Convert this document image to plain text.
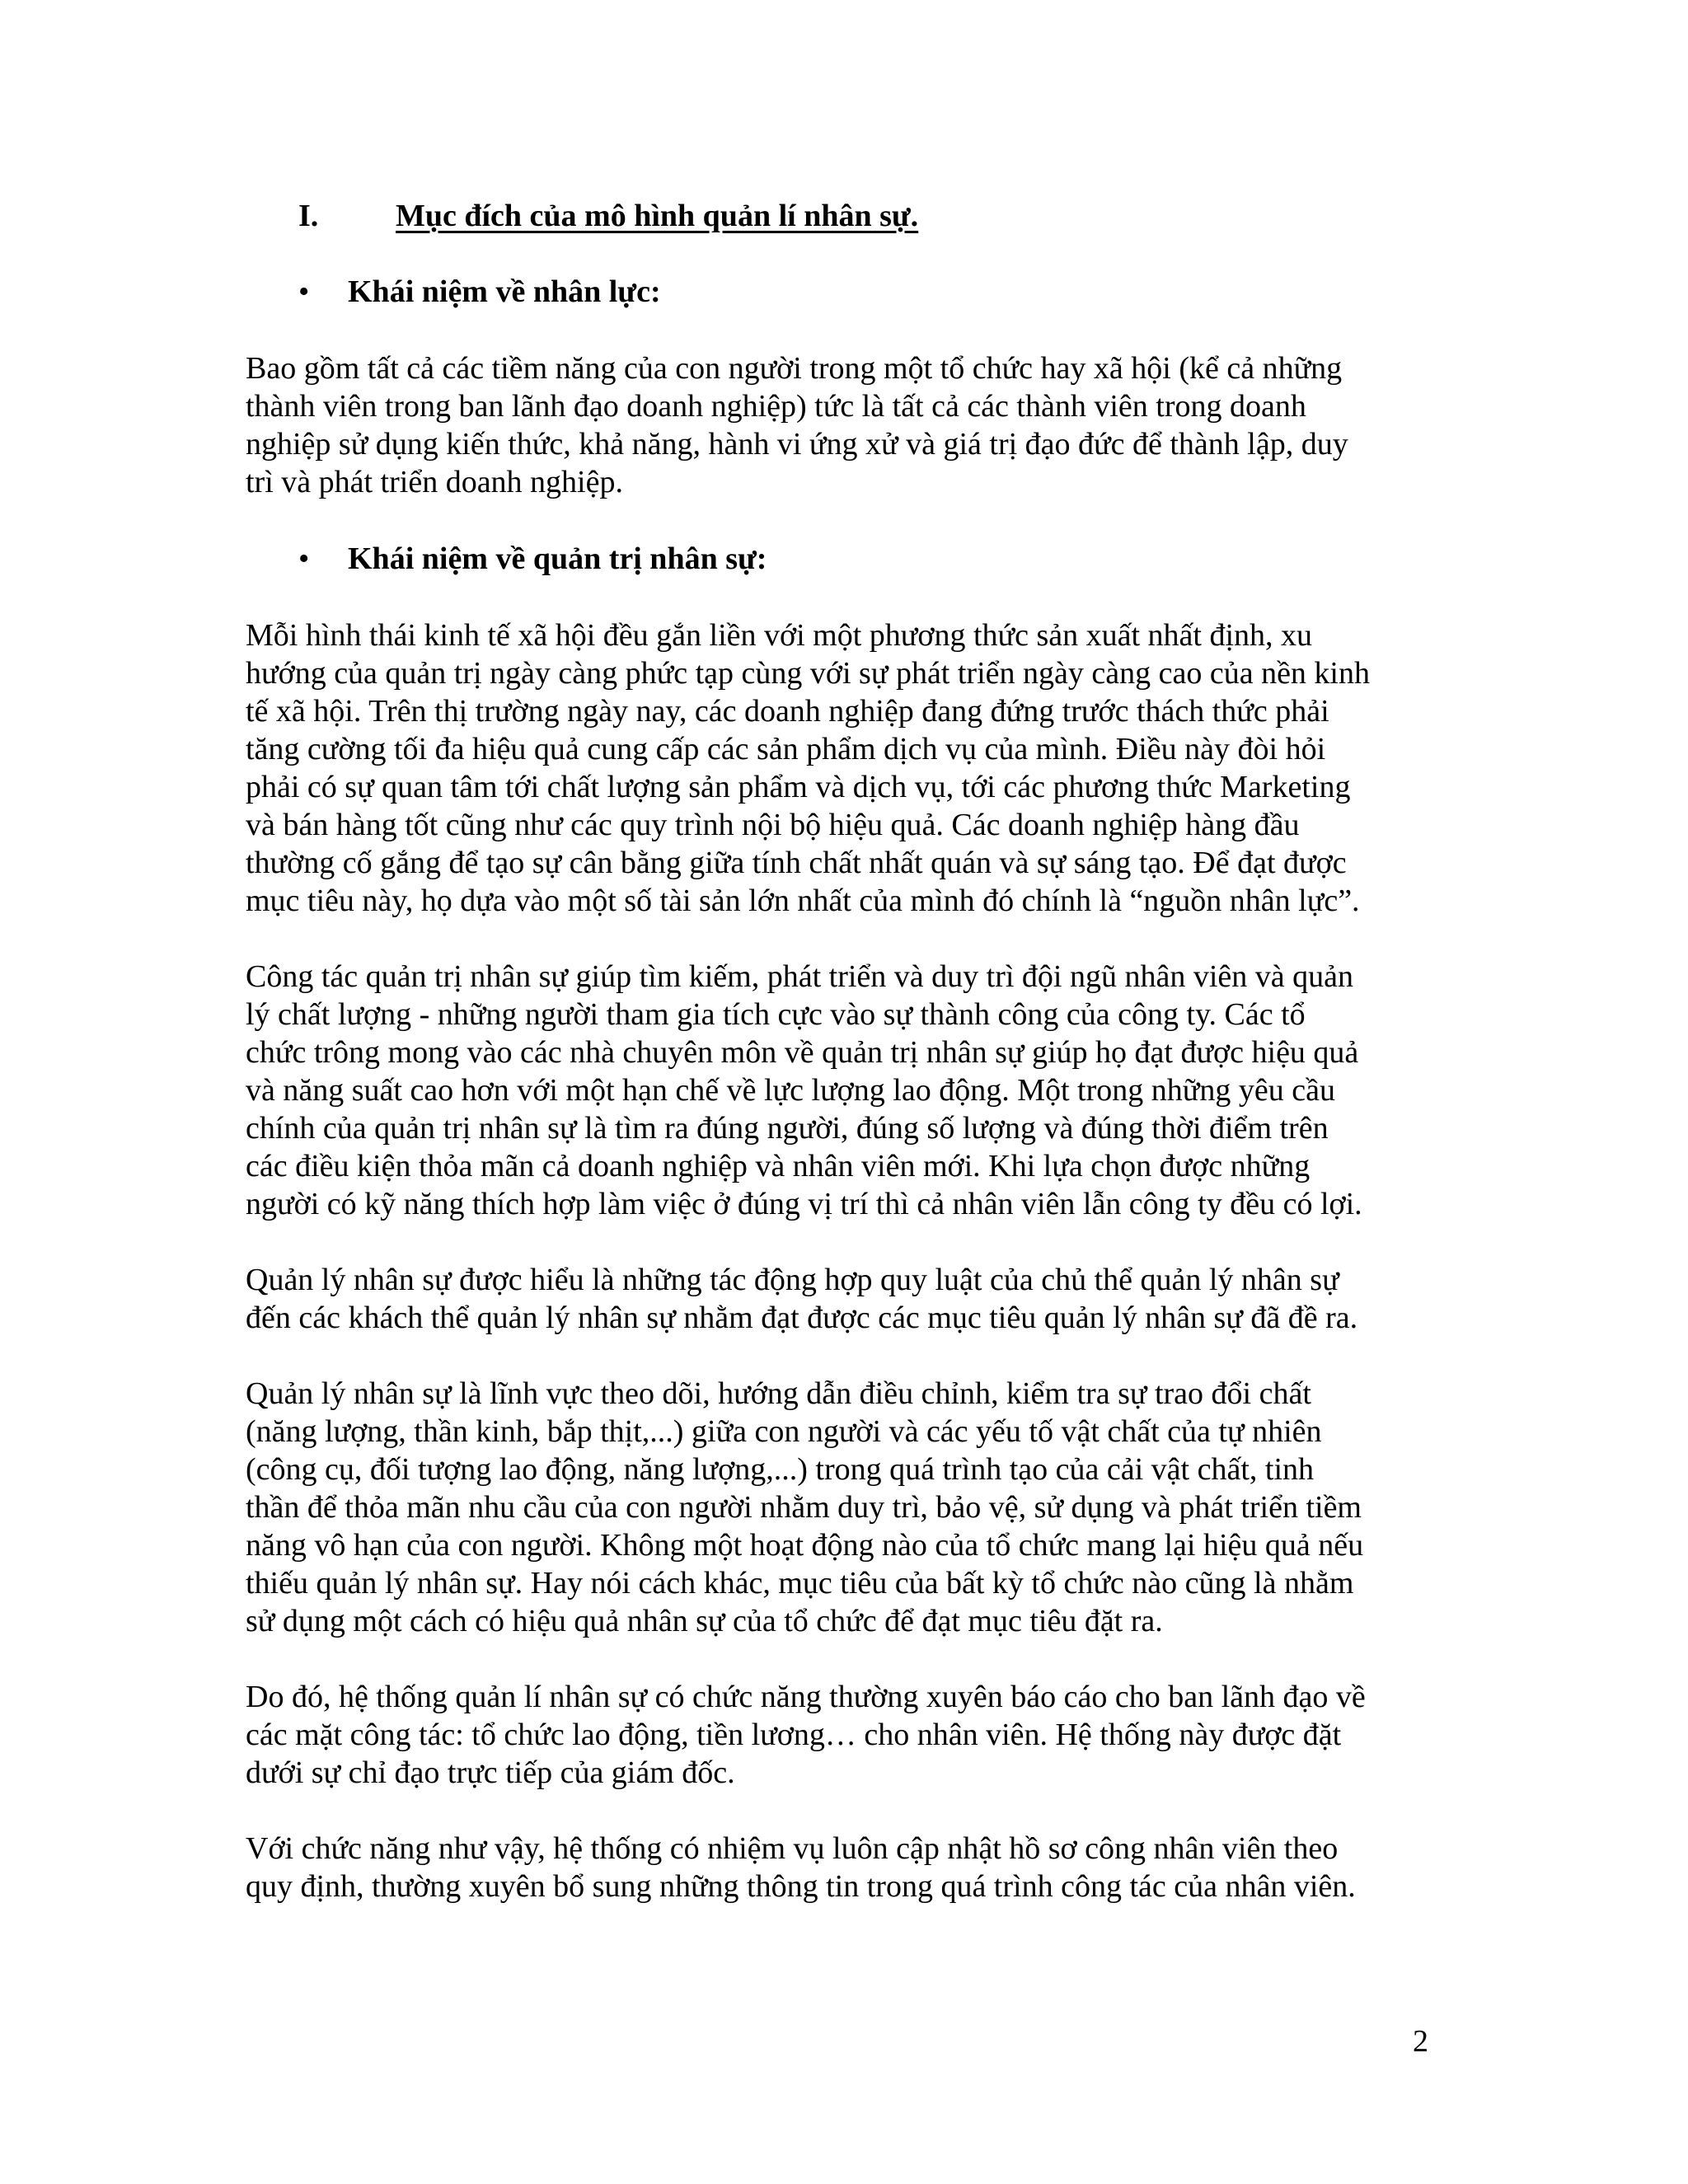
I. Mục đích của mô hình quản lí nhân sự.
• Khái niệm về nhân lực:
Bao gồm tất cả các tiềm năng của con người trong một tổ chức hay xã hội (kể cả những
thành viên trong ban lãnh đạo doanh nghiệp) tức là tất cả các thành viên trong doanh
nghiệp sử dụng kiến thức, khả năng, hành vi ứng xử và giá trị đạo đức để thành lập, duy
trì và phát triển doanh nghiệp.
• Khái niệm về quản trị nhân sự:
Mỗi hình thái kinh tế xã hội đều gắn liền với một phương thức sản xuất nhất định, xu
hướng của quản trị ngày càng phức tạp cùng với sự phát triển ngày càng cao của nền kinh
tế xã hội. Trên thị trường ngày nay, các doanh nghiệp đang đứng trước thách thức phải
tăng cường tối đa hiệu quả cung cấp các sản phẩm dịch vụ của mình. Điều này đòi hỏi
phải có sự quan tâm tới chất lượng sản phẩm và dịch vụ, tới các phương thức Marketing
và bán hàng tốt cũng như các quy trình nội bộ hiệu quả. Các doanh nghiệp hàng đầu
thường cố gắng để tạo sự cân bằng giữa tính chất nhất quán và sự sáng tạo. Để đạt được
mục tiêu này, họ dựa vào một số tài sản lớn nhất của mình đó chính là “nguồn nhân lực”.
Công tác quản trị nhân sự giúp tìm kiếm, phát triển và duy trì đội ngũ nhân viên và quản
lý chất lượng - những người tham gia tích cực vào sự thành công của công ty. Các tổ
chức trông mong vào các nhà chuyên môn về quản trị nhân sự giúp họ đạt được hiệu quả
và năng suất cao hơn với một hạn chế về lực lượng lao động. Một trong những yêu cầu
chính của quản trị nhân sự là tìm ra đúng người, đúng số lượng và đúng thời điểm trên
các điều kiện thỏa mãn cả doanh nghiệp và nhân viên mới. Khi lựa chọn được những
người có kỹ năng thích hợp làm việc ở đúng vị trí thì cả nhân viên lẫn công ty đều có lợi.
Quản lý nhân sự được hiểu là những tác động hợp quy luật của chủ thể quản lý nhân sự
đến các khách thể quản lý nhân sự nhằm đạt được các mục tiêu quản lý nhân sự đã đề ra.
Quản lý nhân sự là lĩnh vực theo dõi, hướng dẫn điều chỉnh, kiểm tra sự trao đổi chất
(năng lượng, thần kinh, bắp thịt,...) giữa con người và các yếu tố vật chất của tự nhiên
(công cụ, đối tượng lao động, năng lượng,...) trong quá trình tạo của cải vật chất, tinh
thần để thỏa mãn nhu cầu của con người nhằm duy trì, bảo vệ, sử dụng và phát triển tiềm
năng vô hạn của con người. Không một hoạt động nào của tổ chức mang lại hiệu quả nếu
thiếu quản lý nhân sự. Hay nói cách khác, mục tiêu của bất kỳ tổ chức nào cũng là nhằm
sử dụng một cách có hiệu quả nhân sự của tổ chức để đạt mục tiêu đặt ra.
Do đó, hệ thống quản lí nhân sự có chức năng thường xuyên báo cáo cho ban lãnh đạo về
các mặt công tác: tổ chức lao động, tiền lương… cho nhân viên. Hệ thống này được đặt
dưới sự chỉ đạo trực tiếp của giám đốc.
Với chức năng như vậy, hệ thống có nhiệm vụ luôn cập nhật hồ sơ công nhân viên theo
quy định, thường xuyên bổ sung những thông tin trong quá trình công tác của nhân viên.
2
